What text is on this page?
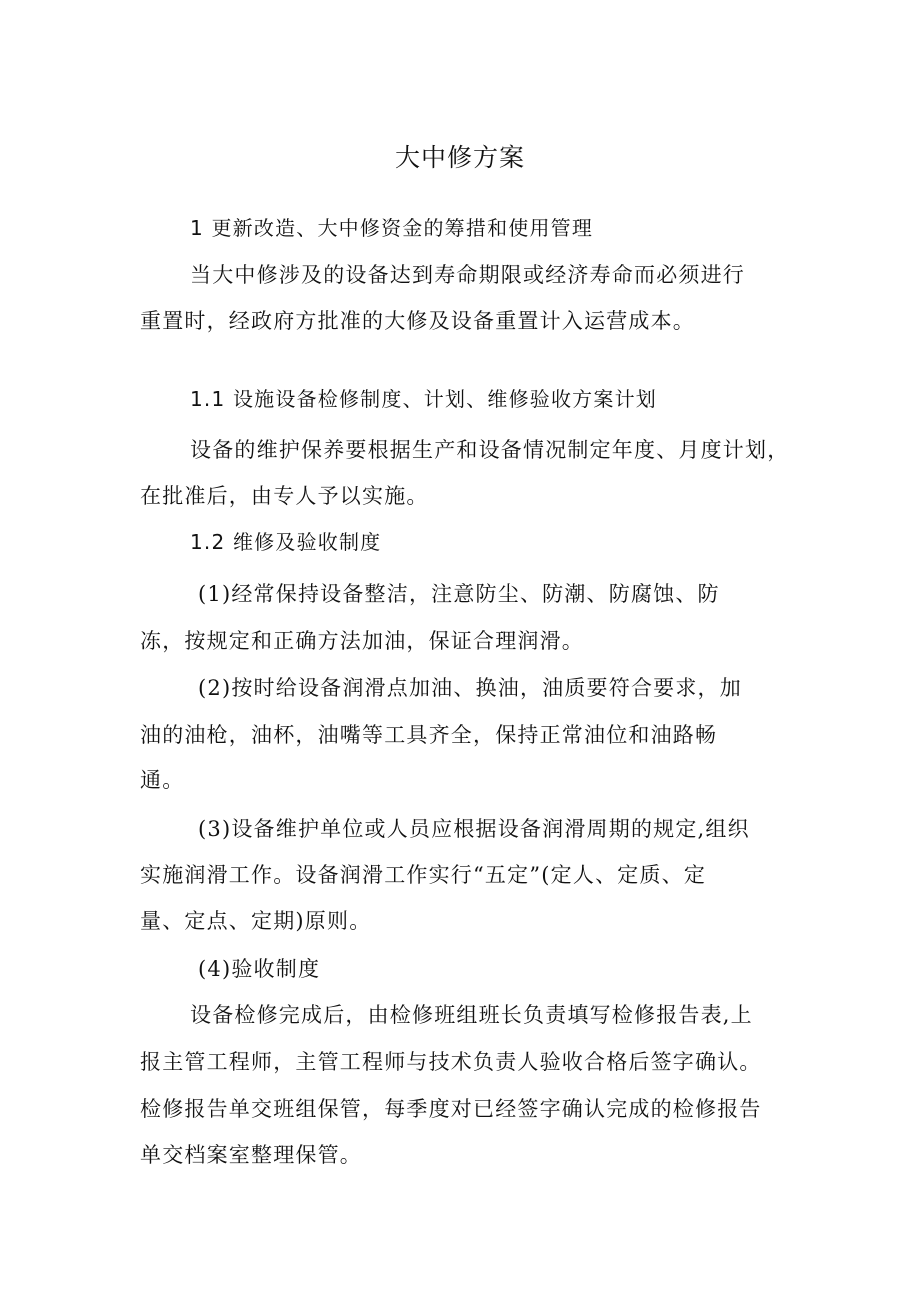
大中修方案
1 更新改造、大中修资金的筹措和使用管理
当大中修涉及的设备达到寿命期限或经济寿命而必须进行
重置时，经政府方批准的大修及设备重置计入运营成本。
1.1 设施设备检修制度、计划、维修验收方案计划
设备的维护保养要根据生产和设备情况制定年度、月度计划，
在批准后，由专人予以实施。
1.2 维修及验收制度
(1)经常保持设备整洁，注意防尘、防潮、防腐蚀、防
冻，按规定和正确方法加油，保证合理润滑。
(2)按时给设备润滑点加油、换油，油质要符合要求，加
油的油枪，油杯，油嘴等工具齐全，保持正常油位和油路畅
通。
(3)设备维护单位或人员应根据设备润滑周期的规定,组织
实施润滑工作。设备润滑工作实行“五定”(定人、定质、定
量、定点、定期)原则。
(4)验收制度
设备检修完成后，由检修班组班长负责填写检修报告表,上
报主管工程师，主管工程师与技术负责人验收合格后签字确认。
检修报告单交班组保管，每季度对已经签字确认完成的检修报告
单交档案室整理保管。
